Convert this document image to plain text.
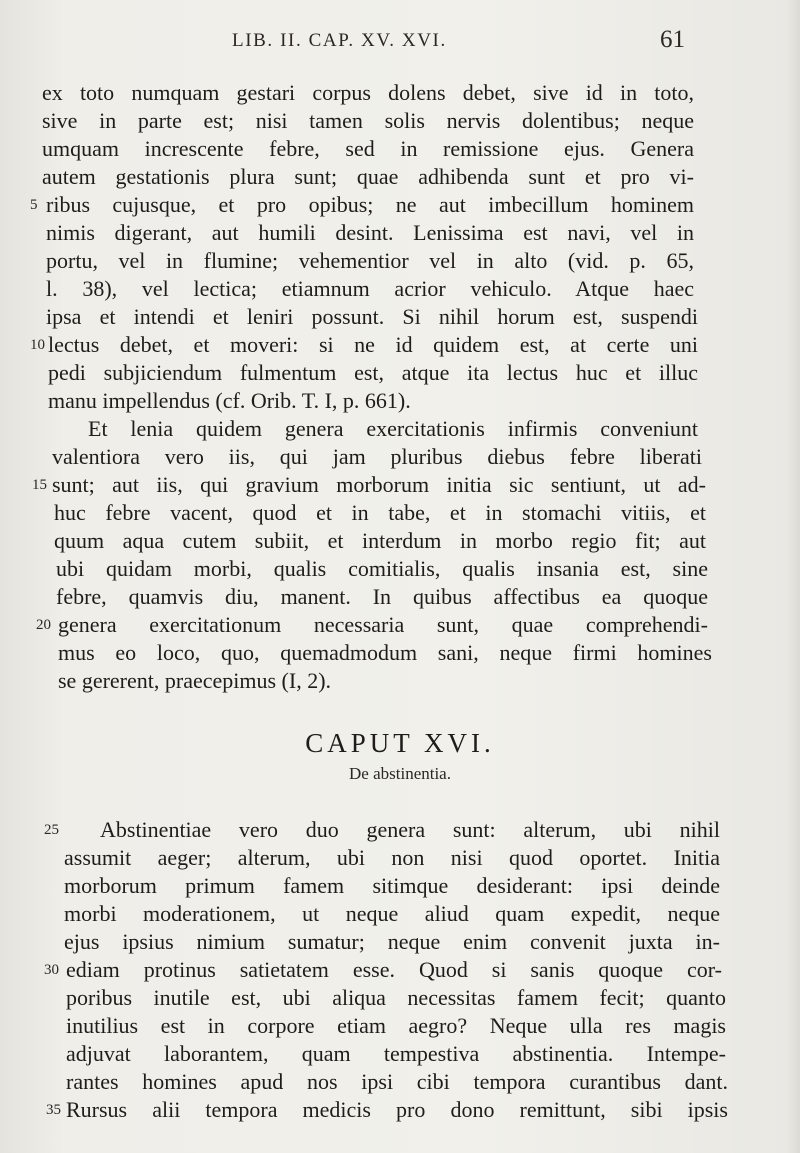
LIB. II. CAP. XV. XVI.	61
ex toto numquam gestari corpus dolens debet, sive id in toto,
sive in parte est; nisi tamen solis nervis dolentibus; neque
umquam increscente febre, sed in remissione ejus. Genera
autem gestationis plura sunt; quae adhibenda sunt et pro vi-
ribus cujusque, et pro opibus; ne aut imbecillum hominem
nimis digerant, aut humili desint. Lenissima est navi, vel in
portu, vel in flumine; vehementior vel in alto (vid. p. 65,
l. 38), vel lectica; etiamnum acrior vehiculo. Atque haec
ipsa et intendi et leniri possunt. Si nihil horum est, suspendi
lectus debet, et moveri: si ne id quidem est, at certe uni
pedi subjiciendum fulmentum est, atque ita lectus huc et illuc
manu impellendus (cf. Orib. T. I, p. 661).
Et lenia quidem genera exercitationis infirmis conveniunt
valentiora vero iis, qui jam pluribus diebus febre liberati
sunt; aut iis, qui gravium morborum initia sic sentiunt, ut ad-
huc febre vacent, quod et in tabe, et in stomachi vitiis, et
quum aqua cutem subiit, et interdum in morbo regio fit; aut
ubi quidam morbi, qualis comitialis, qualis insania est, sine
febre, quamvis diu, manent. In quibus affectibus ea quoque
genera exercitationum necessaria sunt, quae comprehendi-
mus eo loco, quo, quemadmodum sani, neque firmi homines
se gererent, praecepimus (I, 2).
CAPUT XVI.
De abstinentia.
Abstinentiae vero duo genera sunt: alterum, ubi nihil
assumit aeger; alterum, ubi non nisi quod oportet. Initia
morborum primum famem sitimque desiderant: ipsi deinde
morbi moderationem, ut neque aliud quam expedit, neque
ejus ipsius nimium sumatur; neque enim convenit juxta in-
ediam protinus satietatem esse. Quod si sanis quoque cor-
poribus inutile est, ubi aliqua necessitas famem fecit; quanto
inutilius est in corpore etiam aegro? Neque ulla res magis
adjuvat laborantem, quam tempestiva abstinentia. Intempe-
rantes homines apud nos ipsi cibi tempora curantibus dant.
Rursus alii tempora medicis pro dono remittunt, sibi ipsis
5
10
15
20
25
30
35
